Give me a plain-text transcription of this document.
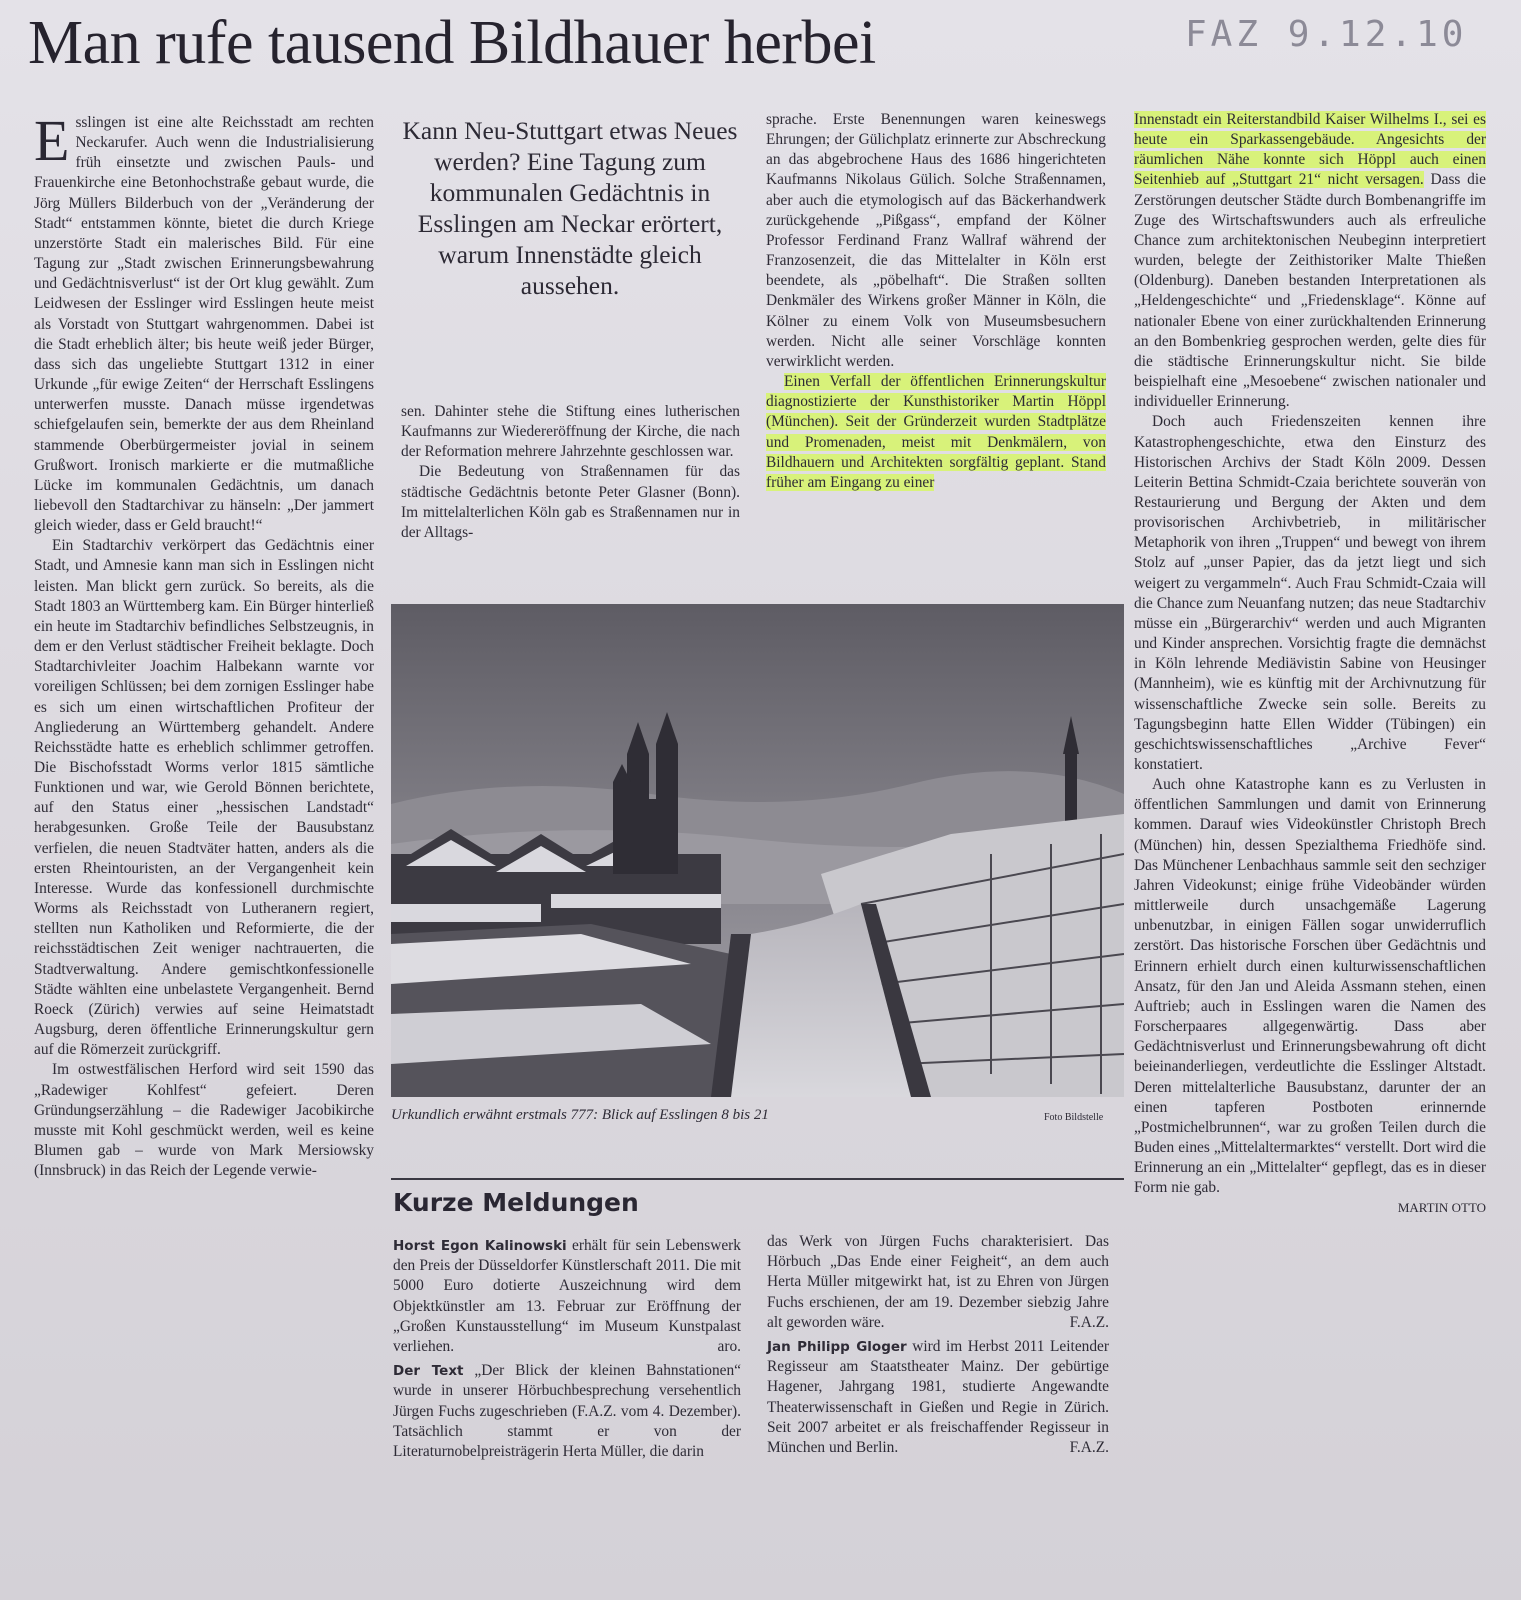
Man rufe tausend Bildhauer herbei	FAZ 9.12.10

Esslingen ist eine alte Reichsstadt am rechten Neckarufer. Auch wenn die Industrialisierung früh einsetzte und zwischen Pauls- und Frauenkirche eine Betonhochstraße gebaut wurde, die Jörg Müllers Bilderbuch von der „Veränderung der Stadt“ entstammen könnte, bietet die durch Kriege unzerstörte Stadt ein malerisches Bild. Für eine Tagung zur „Stadt zwischen Erinnerungsbewahrung und Gedächtnisverlust“ ist der Ort klug gewählt. Zum Leidwesen der Esslinger wird Esslingen heute meist als Vorstadt von Stuttgart wahrgenommen. Dabei ist die Stadt erheblich älter; bis heute weiß jeder Bürger, dass sich das ungeliebte Stuttgart 1312 in einer Urkunde „für ewige Zeiten“ der Herrschaft Esslingens unterwerfen musste. Danach müsse irgendetwas schiefgelaufen sein, bemerkte der aus dem Rheinland stammende Oberbürgermeister jovial in seinem Grußwort. Ironisch markierte er die mutmaßliche Lücke im kommunalen Gedächtnis, um danach liebevoll den Stadtarchivar zu hänseln: „Der jammert gleich wieder, dass er Geld braucht!“

Ein Stadtarchiv verkörpert das Gedächtnis einer Stadt, und Amnesie kann man sich in Esslingen nicht leisten. Man blickt gern zurück. So bereits, als die Stadt 1803 an Württemberg kam. Ein Bürger hinterließ ein heute im Stadtarchiv befindliches Selbstzeugnis, in dem er den Verlust städtischer Freiheit beklagte. Doch Stadtarchivleiter Joachim Halbekann warnte vor voreiligen Schlüssen; bei dem zornigen Esslinger habe es sich um einen wirtschaftlichen Profiteur der Angliederung an Württemberg gehandelt. Andere Reichsstädte hatte es erheblich schlimmer getroffen. Die Bischofsstadt Worms verlor 1815 sämtliche Funktionen und war, wie Gerold Bönnen berichtete, auf den Status einer „hessischen Landstadt“ herabgesunken. Große Teile der Bausubstanz verfielen, die neuen Stadtväter hatten, anders als die ersten Rheintouristen, an der Vergangenheit kein Interesse. Wurde das konfessionell durchmischte Worms als Reichsstadt von Lutheranern regiert, stellten nun Katholiken und Reformierte, die der reichsstädtischen Zeit weniger nachtrauerten, die Stadtverwaltung. Andere gemischtkonfessionelle Städte wählten eine unbelastete Vergangenheit. Bernd Roeck (Zürich) verwies auf seine Heimatstadt Augsburg, deren öffentliche Erinnerungskultur gern auf die Römerzeit zurückgriff.

Im ostwestfälischen Herford wird seit 1590 das „Radewiger Kohlfest“ gefeiert. Deren Gründungserzählung – die Radewiger Jacobikirche musste mit Kohl geschmückt werden, weil es keine Blumen gab – wurde von Mark Mersiowsky (Innsbruck) in das Reich der Legende verwie-

Kann Neu-Stuttgart etwas Neues werden? Eine Tagung zum kommunalen Gedächtnis in Esslingen am Neckar erörtert, warum Innenstädte gleich aussehen.

sen. Dahinter stehe die Stiftung eines lutherischen Kaufmanns zur Wiedereröffnung der Kirche, die nach der Reformation mehrere Jahrzehnte geschlossen war.

Die Bedeutung von Straßennamen für das städtische Gedächtnis betonte Peter Glasner (Bonn). Im mittelalterlichen Köln gab es Straßennamen nur in der Alltags-

sprache. Erste Benennungen waren keineswegs Ehrungen; der Gülichplatz erinnerte zur Abschreckung an das abgebrochene Haus des 1686 hingerichteten Kaufmanns Nikolaus Gülich. Solche Straßennamen, aber auch die etymologisch auf das Bäckerhandwerk zurückgehende „Pißgass“, empfand der Kölner Professor Ferdinand Franz Wallraf während der Franzosenzeit, die das Mittelalter in Köln erst beendete, als „pöbelhaft“. Die Straßen sollten Denkmäler des Wirkens großer Männer in Köln, die Kölner zu einem Volk von Museumsbesuchern werden. Nicht alle seiner Vorschläge konnten verwirklicht werden.

Einen Verfall der öffentlichen Erinnerungskultur diagnostizierte der Kunsthistoriker Martin Höppl (München). Seit der Gründerzeit wurden Stadtplätze und Promenaden, meist mit Denkmälern, von Bildhauern und Architekten sorgfältig geplant. Stand früher am Eingang zu einer

Innenstadt ein Reiterstandbild Kaiser Wilhelms I., sei es heute ein Sparkassengebäude. Angesichts der räumlichen Nähe konnte sich Höppl auch einen Seitenhieb auf „Stuttgart 21“ nicht versagen. Dass die Zerstörungen deutscher Städte durch Bombenangriffe im Zuge des Wirtschaftswunders auch als erfreuliche Chance zum architektonischen Neubeginn interpretiert wurden, belegte der Zeithistoriker Malte Thießen (Oldenburg). Daneben bestanden Interpretationen als „Heldengeschichte“ und „Friedensklage“. Könne auf nationaler Ebene von einer zurückhaltenden Erinnerung an den Bombenkrieg gesprochen werden, gelte dies für die städtische Erinnerungskultur nicht. Sie bilde beispielhaft eine „Mesoebene“ zwischen nationaler und individueller Erinnerung.

Doch auch Friedenszeiten kennen ihre Katastrophengeschichte, etwa den Einsturz des Historischen Archivs der Stadt Köln 2009. Dessen Leiterin Bettina Schmidt-Czaia berichtete souverän von Restaurierung und Bergung der Akten und dem provisorischen Archivbetrieb, in militärischer Metaphorik von ihren „Truppen“ und bewegt von ihrem Stolz auf „unser Papier, das da jetzt liegt und sich weigert zu vergammeln“. Auch Frau Schmidt-Czaia will die Chance zum Neuanfang nutzen; das neue Stadtarchiv müsse ein „Bürgerarchiv“ werden und auch Migranten und Kinder ansprechen. Vorsichtig fragte die demnächst in Köln lehrende Mediävistin Sabine von Heusinger (Mannheim), wie es künftig mit der Archivnutzung für wissenschaftliche Zwecke sein solle. Bereits zu Tagungsbeginn hatte Ellen Widder (Tübingen) ein geschichtswissenschaftliches „Archive Fever“ konstatiert.

Auch ohne Katastrophe kann es zu Verlusten in öffentlichen Sammlungen und damit von Erinnerung kommen. Darauf wies Videokünstler Christoph Brech (München) hin, dessen Spezialthema Friedhöfe sind. Das Münchener Lenbachhaus sammle seit den sechziger Jahren Videokunst; einige frühe Videobänder würden mittlerweile durch unsachgemäße Lagerung unbenutzbar, in einigen Fällen sogar unwiderruflich zerstört. Das historische Forschen über Gedächtnis und Erinnern erhielt durch einen kulturwissenschaftlichen Ansatz, für den Jan und Aleida Assmann stehen, einen Auftrieb; auch in Esslingen waren die Namen des Forscherpaares allgegenwärtig. Dass aber Gedächtnisverlust und Erinnerungsbewahrung oft dicht beieinanderliegen, verdeutlichte die Esslinger Altstadt. Deren mittelalterliche Bausubstanz, darunter der an einen tapferen Postboten erinnernde „Postmichelbrunnen“, war zu großen Teilen durch die Buden eines „Mittelaltermarktes“ verstellt. Dort wird die Erinnerung an ein „Mittelalter“ gepflegt, das es in dieser Form nie gab.

MARTIN OTTO

Urkundlich erwähnt erstmals 777: Blick auf Esslingen 8 bis 21	Foto Bildstelle
Kurze Meldungen

Horst Egon Kalinowski erhält für sein Lebenswerk den Preis der Düsseldorfer Künstlerschaft 2011. Die mit 5000 Euro dotierte Auszeichnung wird dem Objektkünstler am 13. Februar zur Eröffnung der „Großen Kunstausstellung“ im Museum Kunstpalast verliehen.	aro.

Der Text „Der Blick der kleinen Bahnstationen“ wurde in unserer Hörbuchbesprechung versehentlich Jürgen Fuchs zugeschrieben (F.A.Z. vom 4. Dezember). Tatsächlich stammt er von der Literaturnobelpreisträgerin Herta Müller, die darin

das Werk von Jürgen Fuchs charakterisiert. Das Hörbuch „Das Ende einer Feigheit“, an dem auch Herta Müller mitgewirkt hat, ist zu Ehren von Jürgen Fuchs erschienen, der am 19. Dezember siebzig Jahre alt geworden wäre.	F.A.Z.

Jan Philipp Gloger wird im Herbst 2011 Leitender Regisseur am Staatstheater Mainz. Der gebürtige Hagener, Jahrgang 1981, studierte Angewandte Theaterwissenschaft in Gießen und Regie in Zürich. Seit 2007 arbeitet er als freischaffender Regisseur in München und Berlin.	F.A.Z.
